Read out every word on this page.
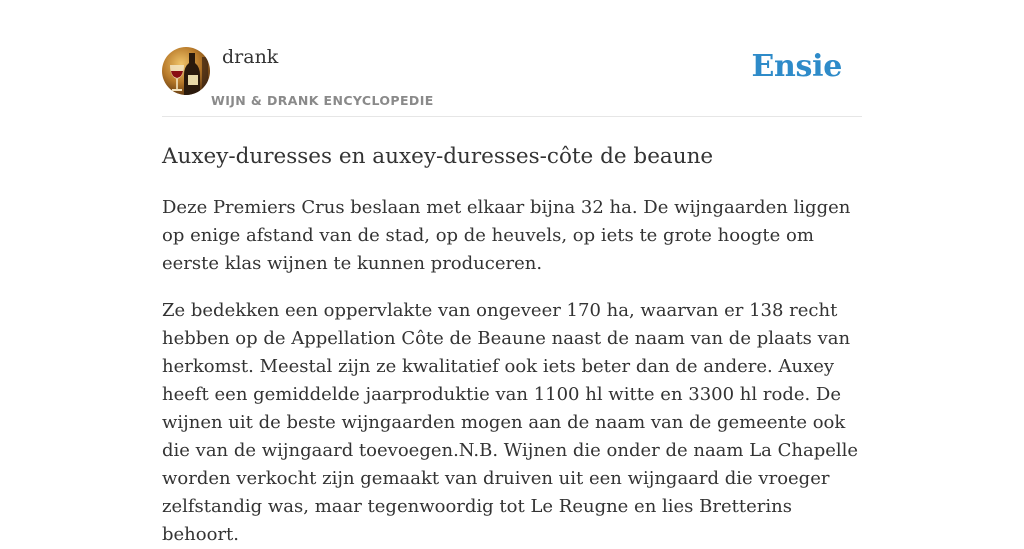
drank
WIJN & DRANK ENCYCLOPEDIE
Ensie
Auxey-duresses en auxey-duresses-côte de beaune

Deze Premiers Crus beslaan met elkaar bijna 32 ha. De wijngaarden liggen op enige afstand van de stad, op de heuvels, op iets te grote hoogte om eerste klas wijnen te kunnen produceren.

Ze bedekken een oppervlakte van ongeveer 170 ha, waarvan er 138 recht hebben op de Appellation Côte de Beaune naast de naam van de plaats van herkomst. Meestal zijn ze kwalitatief ook iets beter dan de andere. Auxey heeft een gemiddelde jaarproduktie van 1100 hl witte en 3300 hl rode. De wijnen uit de beste wijngaarden mogen aan de naam van de gemeente ook die van de wijngaard toevoegen.N.B. Wijnen die onder de naam La Chapelle worden verkocht zijn gemaakt van druiven uit een wijngaard die vroeger zelfstandig was, maar tegenwoordig tot Le Reugne en lies Bretterins behoort.
